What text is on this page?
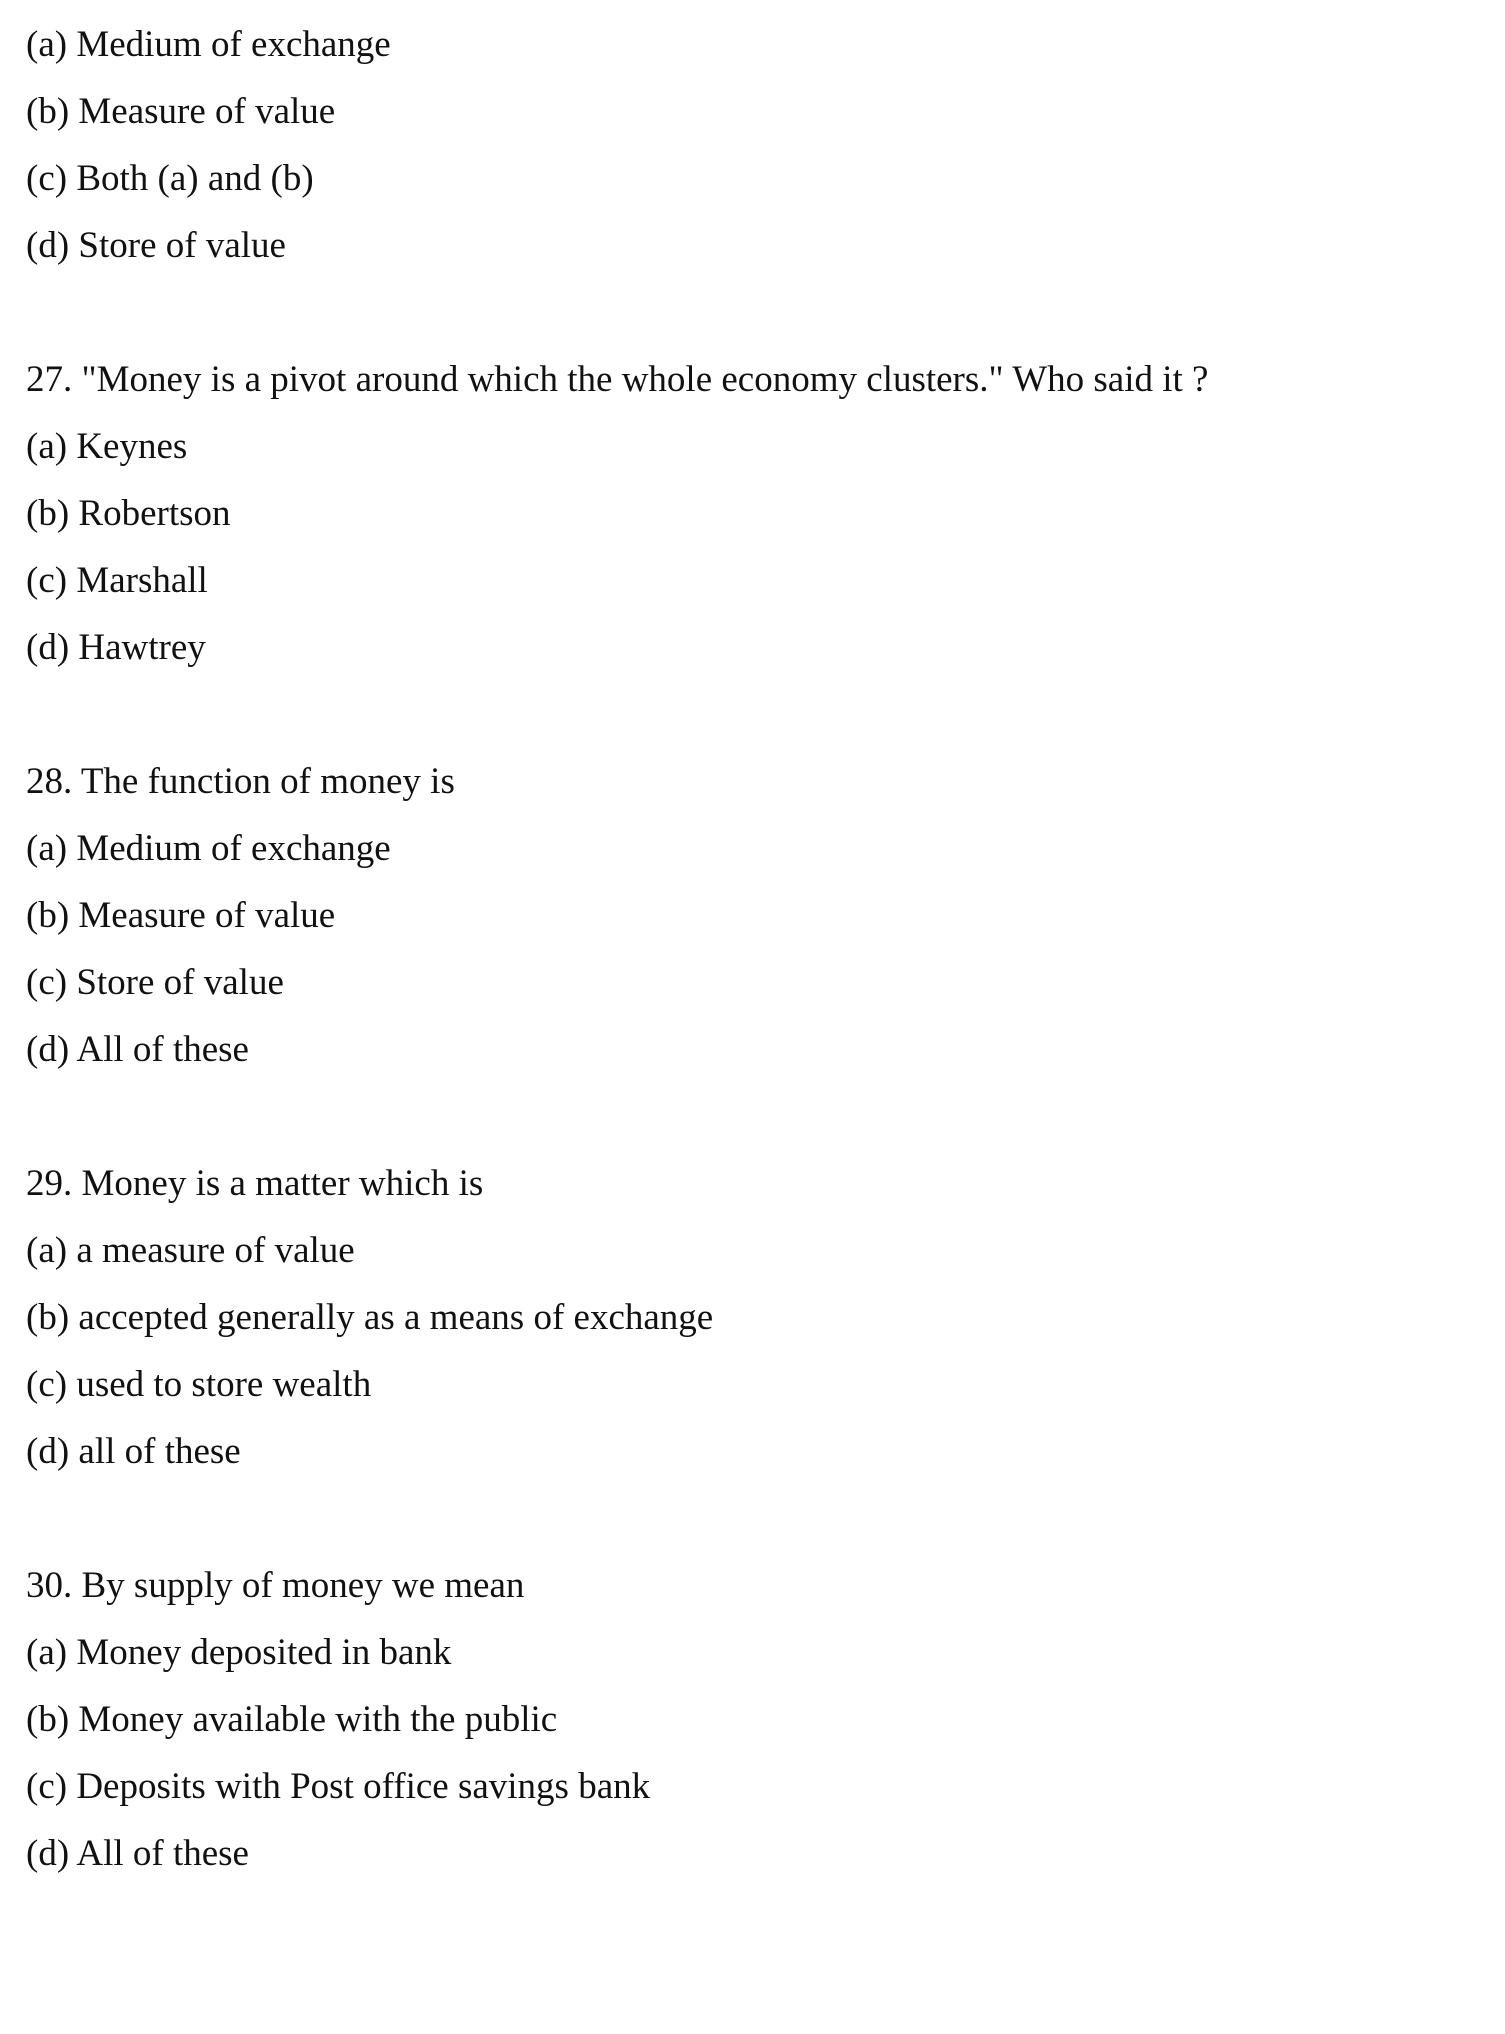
(a) Medium of exchange
(b) Measure of value
(c) Both (a) and (b)
(d) Store of value
27. "Money is a pivot around which the whole economy clusters." Who said it ?
(a) Keynes
(b) Robertson
(c) Marshall
(d) Hawtrey
28. The function of money is
(a) Medium of exchange
(b) Measure of value
(c) Store of value
(d) All of these
29. Money is a matter which is
(a) a measure of value
(b) accepted generally as a means of exchange
(c) used to store wealth
(d) all of these
30. By supply of money we mean
(a) Money deposited in bank
(b) Money available with the public
(c) Deposits with Post office savings bank
(d) All of these
